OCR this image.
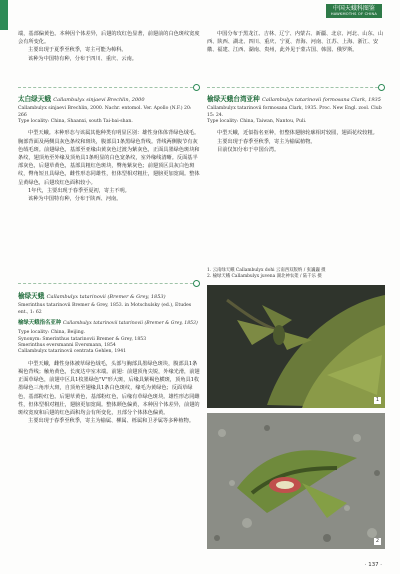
中国天蛾科图鉴
HAWKMOTHS OF CHINA

端，基部偏黄色。本种因个体差异，后翅的玫红色显著，前翅前的白色斑纹宽度会有所变化。

主要出现于夏季至秋季，寄主可能为樟科。

该种为中国特有种，分布于四川、重庆、云南。

太白绿天蛾 Callambulyx sinjaevi Brechlin, 2000
Callambulyx sinjaevi Brechlin, 2000. Nachr. entomol. Ver. Apollo (N.F.) 20: 266
Type locality: China, Shaanxi, south Tai-bai-shan.

中型天蛾。本种形态与该属其他种类有明显区别：雄性身体体背绿色绒毛。胸部背面及两侧具灰色条纹和斑块，腹部具1条黑绿色背线。背线两侧腹节有灰色绒毛斑。前翅绿色，基部至亚缘由黄灰色过渡为紫灰色，正面具墨绿色斑块和条纹，翅顶角至外缘及顶角具1条明显的白色宽条纹，室外缘线清晰。反面基半部灰色，后翅草黄色，基部具粗红色斑块，臀角紫灰色；前翅顶区具灰白色斑纹，臀角短且具绿色，雌性形态同雄性，但体型相对粗壮，翅膀更加宽阔。整体呈黄绿色，后翅玫红色面积较小。

1年代，主要出现于春季至夏初，寄主不明。

该种为中国特有种，分布于陕西、河南。

榆绿天蛾 Callambulyx tatarinovii (Bremer & Grey, 1853)
Smerinthus tatarinovii Bremer & Grey, 1853. in Motschulsky (ed.), Etudes ent., 1: 62
榆绿天蛾指名亚种 Callambulyx tatarinovii tatarinovii (Bremer & Grey, 1853)
Type locality: China, Beijing.
Synonym: Smerinthus tatarinovii Bremer & Grey, 1853
Smerinthus eversmanni Eversmann, 1854
Callambulyx tatarinovii centrata Gehlen, 1941

中型天蛾，雌性身体被草绿色绒毛，头部与胸部具墨绿色斑块，腹部具1条褐色背线；触角黄色，长度达中室末端。前翅：前翅顶角尖锐，外缘光滑，前翅正面草绿色，前翅中区具1枚墨绿色"V"形大斑，后缘具紫褐色横斑，顶角具1枚墨绿色三角形大斑，自顶角至翅缘具1条白色斑纹，缘毛为黄绿色；反面草绿色，基部粉红色。后翅草黄色，基部粉红色，后缘有草绿色斑块。雄性形态同雌性，但体型相对粗壮，翅膀更加宽阔。整体颜色偏黄，本种因个体差异，前翅的斑纹宽度和后翅的红色面积均会有所变化，且部分个体体色偏黄。

主要出现于春季至秋季，寄主为榆属、柳属、栎属和卫矛属等多种植物。

中国分布于黑龙江、吉林、辽宁、内蒙古、新疆、北京、河北、山东、山西、陕西、湖北、四川、重庆、宁夏、青海、河南、江苏、上海、浙江、安徽、福建、江西、湖南、贵州，此外见于蒙古国、韩国、俄罗斯。

榆绿天蛾台湾亚种 Callambulyx tatarinovii formosana Clark, 1935
Callambulyx tatarinovii formosana Clark, 1935. Proc. New Engl. zool. Club 15: 24.
Type locality: China, Taiwan, Nantou, Puli.

中型天蛾，近似指名亚种，但整体翅膀轮廓相对较圆，翅面花纹较粗。

主要出现于春季至秋季，寄主为榆属植物。

目前仅知分布于中国台湾。

1. 云南绿天蛾 Callambulyx dohi 云南西双版纳 / 张巍巍 摄
2. 榆绿天蛾 Callambulyx juvena 湖北神农架 / 陆千乐 摄
1
2
· 137 ·
